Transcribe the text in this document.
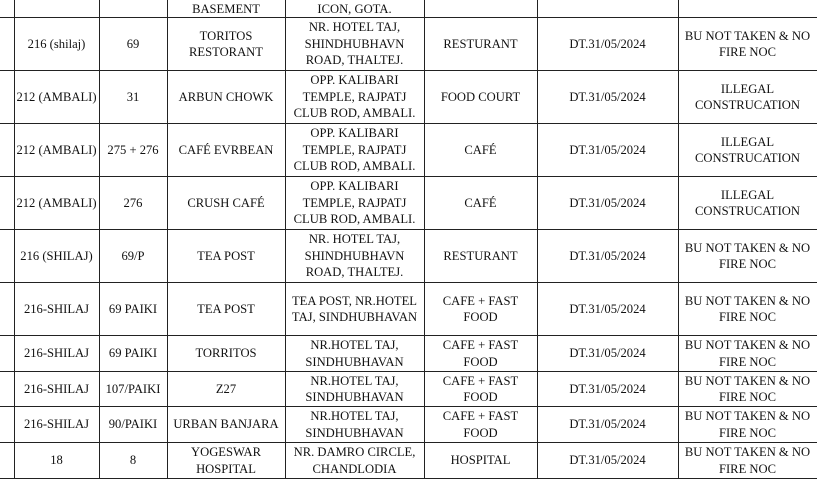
			BASEMENT	ICON, GOTA.			
	216 (shilaj)	69	TORITOS RESTORANT	NR. HOTEL TAJ, SHINDHUBHAVN ROAD, THALTEJ.	RESTURANT	DT.31/05/2024	BU NOT TAKEN & NO FIRE NOC
	212 (AMBALI)	31	ARBUN CHOWK	OPP. KALIBARI TEMPLE, RAJPATJ CLUB ROD, AMBALI.	FOOD COURT	DT.31/05/2024	ILLEGAL CONSTRUCATION
	212 (AMBALI)	275 + 276	CAFÉ EVRBEAN	OPP. KALIBARI TEMPLE, RAJPATJ CLUB ROD, AMBALI.	CAFÉ	DT.31/05/2024	ILLEGAL CONSTRUCATION
	212 (AMBALI)	276	CRUSH CAFÉ	OPP. KALIBARI TEMPLE, RAJPATJ CLUB ROD, AMBALI.	CAFÉ	DT.31/05/2024	ILLEGAL CONSTRUCATION
	216 (SHILAJ)	69/P	TEA POST	NR. HOTEL TAJ, SHINDHUBHAVN ROAD, THALTEJ.	RESTURANT	DT.31/05/2024	BU NOT TAKEN & NO FIRE NOC
	216-SHILAJ	69 PAIKI	TEA POST	TEA POST, NR.HOTEL TAJ, SINDHUBHAVAN	CAFE + FAST FOOD	DT.31/05/2024	BU NOT TAKEN & NO FIRE NOC
	216-SHILAJ	69 PAIKI	TORRITOS	NR.HOTEL TAJ, SINDHUBHAVAN	CAFE + FAST FOOD	DT.31/05/2024	BU NOT TAKEN & NO FIRE NOC
	216-SHILAJ	107/PAIKI	Z27	NR.HOTEL TAJ, SINDHUBHAVAN	CAFE + FAST FOOD	DT.31/05/2024	BU NOT TAKEN & NO FIRE NOC
	216-SHILAJ	90/PAIKI	URBAN BANJARA	NR.HOTEL TAJ, SINDHUBHAVAN	CAFE + FAST FOOD	DT.31/05/2024	BU NOT TAKEN & NO FIRE NOC
	18	8	YOGESWAR HOSPITAL	NR. DAMRO CIRCLE, CHANDLODIA	HOSPITAL	DT.31/05/2024	BU NOT TAKEN & NO FIRE NOC
